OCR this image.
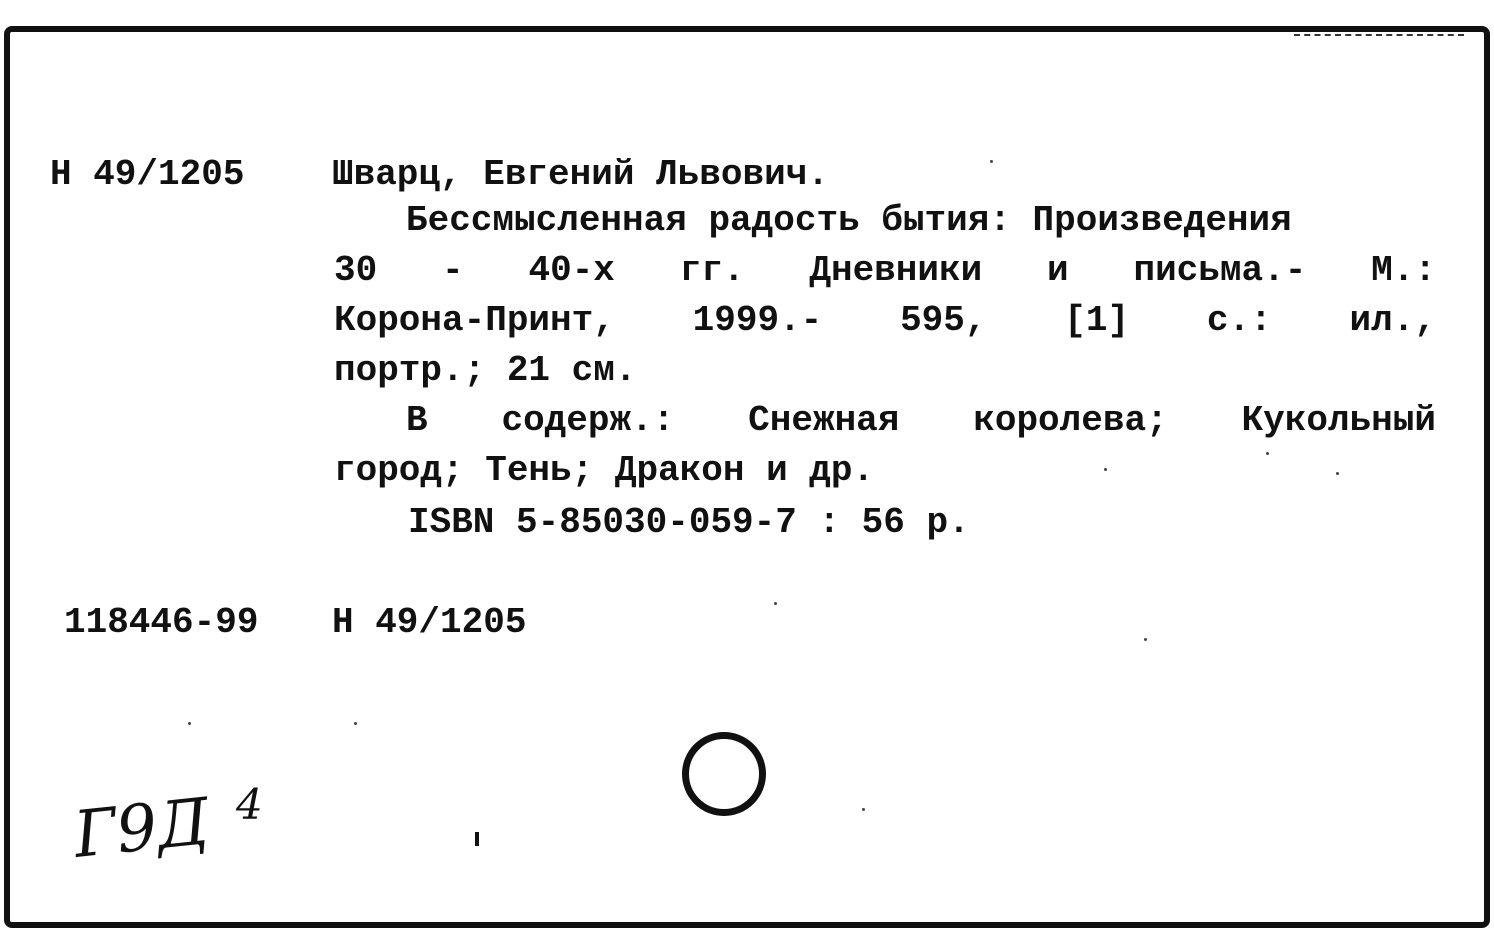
Н 49/1205 Шварц, Евгений Львович.
Бессмысленная радость бытия: Произведения
30 - 40-х гг. Дневники и письма.- М.:
Корона-Принт, 1999.- 595, [1] с.: ил.,
портр.; 21 см.
В содерж.: Снежная королева; Кукольный
город; Тень; Дракон и др.
ISBN 5-85030-059-7 : 56 р.
118446-99 Н 49/1205
Г9Д 4
